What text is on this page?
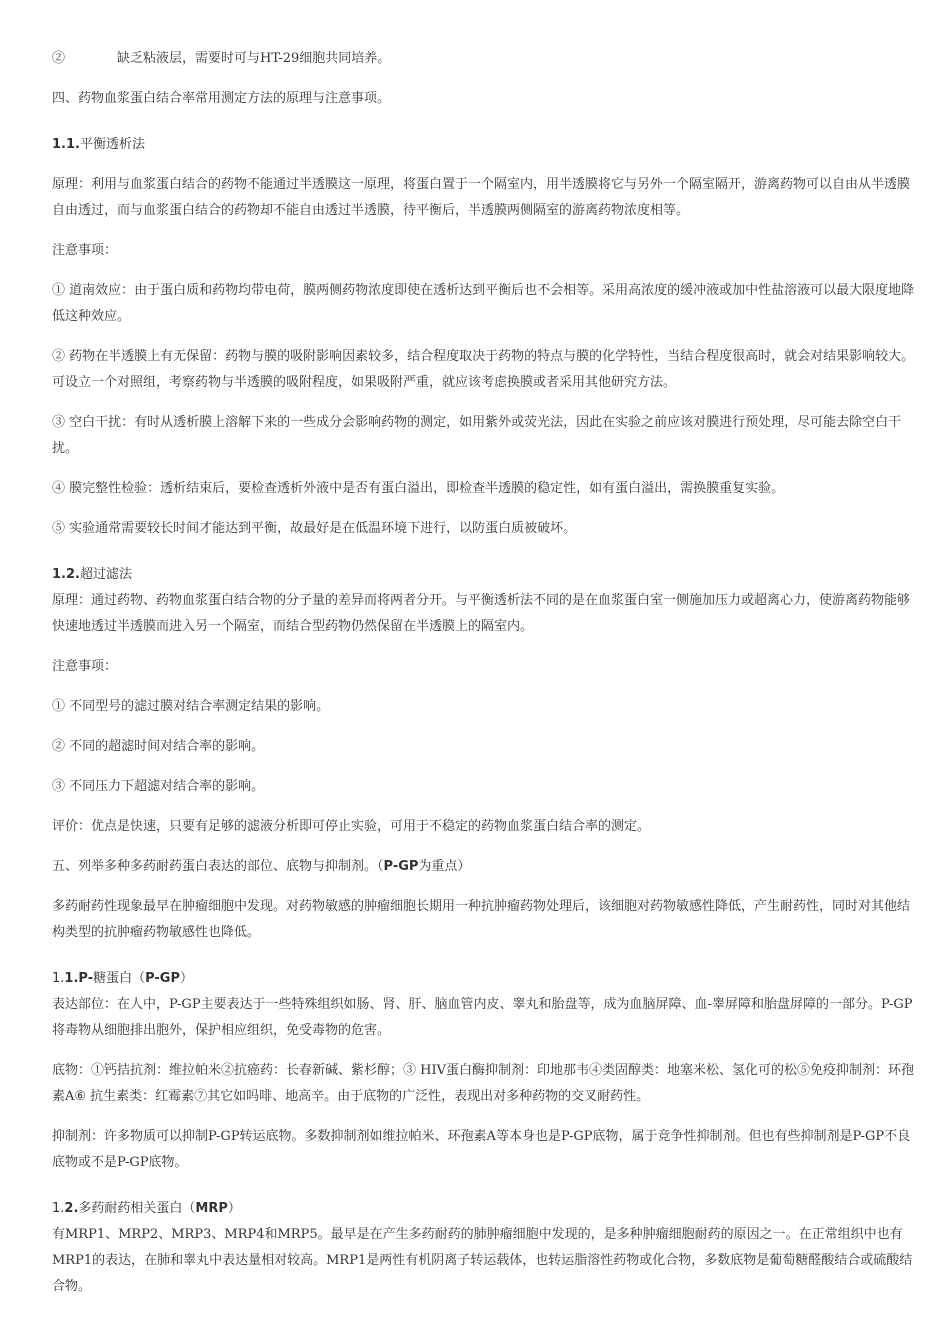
②　　　　缺乏粘液层，需要时可与HT-29细胞共同培养。

四、药物血浆蛋白结合率常用测定方法的原理与注意事项。

1.1.平衡透析法

原理：利用与血浆蛋白结合的药物不能通过半透膜这一原理，将蛋白置于一个隔室内，用半透膜将它与另外一个隔室隔开，游离药物可以自由从半透膜自由透过，而与血浆蛋白结合的药物却不能自由透过半透膜，待平衡后，半透膜两侧隔室的游离药物浓度相等。

注意事项：

① 道南效应：由于蛋白质和药物均带电荷，膜两侧药物浓度即使在透析达到平衡后也不会相等。采用高浓度的缓冲液或加中性盐溶液可以最大限度地降低这种效应。

② 药物在半透膜上有无保留：药物与膜的吸附影响因素较多，结合程度取决于药物的特点与膜的化学特性，当结合程度很高时，就会对结果影响较大。可设立一个对照组，考察药物与半透膜的吸附程度，如果吸附严重，就应该考虑换膜或者采用其他研究方法。

③ 空白干扰：有时从透析膜上溶解下来的一些成分会影响药物的测定，如用紫外或荧光法，因此在实验之前应该对膜进行预处理，尽可能去除空白干扰。

④ 膜完整性检验：透析结束后，要检查透析外液中是否有蛋白溢出，即检查半透膜的稳定性，如有蛋白溢出，需换膜重复实验。

⑤ 实验通常需要较长时间才能达到平衡，故最好是在低温环境下进行，以防蛋白质被破坏。

1.2.超过滤法

原理：通过药物、药物血浆蛋白结合物的分子量的差异而将两者分开。与平衡透析法不同的是在血浆蛋白室一侧施加压力或超离心力，使游离药物能够快速地透过半透膜而进入另一个隔室，而结合型药物仍然保留在半透膜上的隔室内。

注意事项：

① 不同型号的滤过膜对结合率测定结果的影响。

② 不同的超滤时间对结合率的影响。

③ 不同压力下超滤对结合率的影响。

评价：优点是快速，只要有足够的滤液分析即可停止实验，可用于不稳定的药物血浆蛋白结合率的测定。

五、列举多种多药耐药蛋白表达的部位、底物与抑制剂。（P-GP为重点）

多药耐药性现象最早在肿瘤细胞中发现。对药物敏感的肿瘤细胞长期用一种抗肿瘤药物处理后，该细胞对药物敏感性降低，产生耐药性，同时对其他结构类型的抗肿瘤药物敏感性也降低。

1.1.P-糖蛋白（P-GP）

表达部位：在人中，P-GP主要表达于一些特殊组织如肠、肾、肝、脑血管内皮、睾丸和胎盘等，成为血脑屏障、血-睾屏障和胎盘屏障的一部分。P-GP将毒物从细胞排出胞外，保护相应组织，免受毒物的危害。

底物：①钙拮抗剂：维拉帕米②抗癌药：长春新碱、紫杉醇；③ HIV蛋白酶抑制剂：印地那韦④类固醇类：地塞米松、氢化可的松⑤免疫抑制剂：环孢素A⑥ 抗生素类：红霉素⑦其它如吗啡、地高辛。由于底物的广泛性，表现出对多种药物的交叉耐药性。

抑制剂：许多物质可以抑制P-GP转运底物。多数抑制剂如维拉帕米、环孢素A等本身也是P-GP底物，属于竞争性抑制剂。但也有些抑制剂是P-GP不良底物或不是P-GP底物。

1.2.多药耐药相关蛋白（MRP）

有MRP1、MRP2、MRP3、MRP4和MRP5。最早是在产生多药耐药的肺肿瘤细胞中发现的，是多种肿瘤细胞耐药的原因之一。在正常组织中也有MRP1的表达，在肺和睾丸中表达量相对较高。MRP1是两性有机阴离子转运载体，也转运脂溶性药物或化合物，多数底物是葡萄糖醛酸结合或硫酸结合物。
